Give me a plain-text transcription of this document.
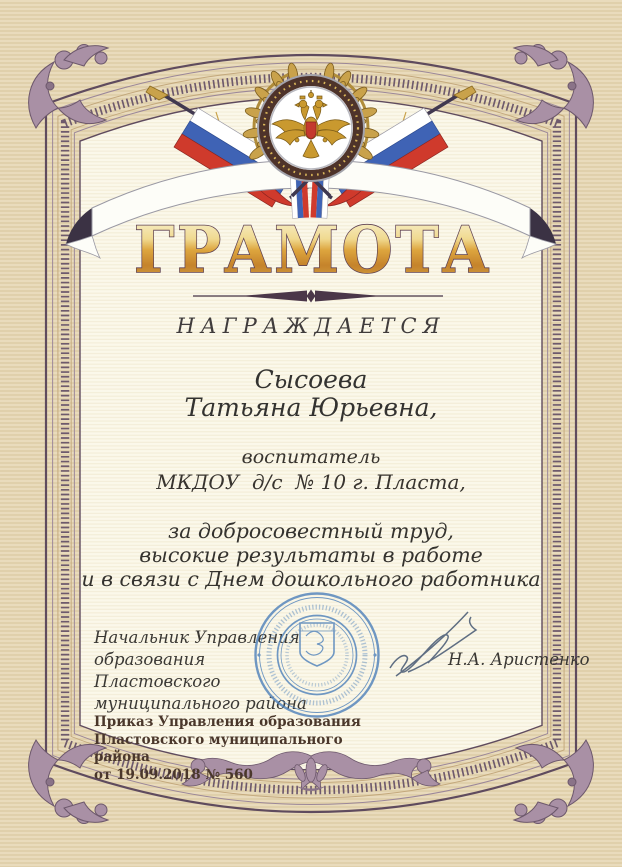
ГРАМОТА
НАГРАЖДАЕТСЯ
Сысоева
Татьяна Юрьевна,
воспитатель
МКДОУ  д/с  № 10 г. Пласта,
за добросовестный труд,
высокие результаты в работе
и в связи с Днем дошкольного работника
Начальник Управления образования
Пластовского муниципального района
Н.А. Аристенко
Приказ Управления образования
Пластовского муниципального района
от 19.09.2018 № 560
